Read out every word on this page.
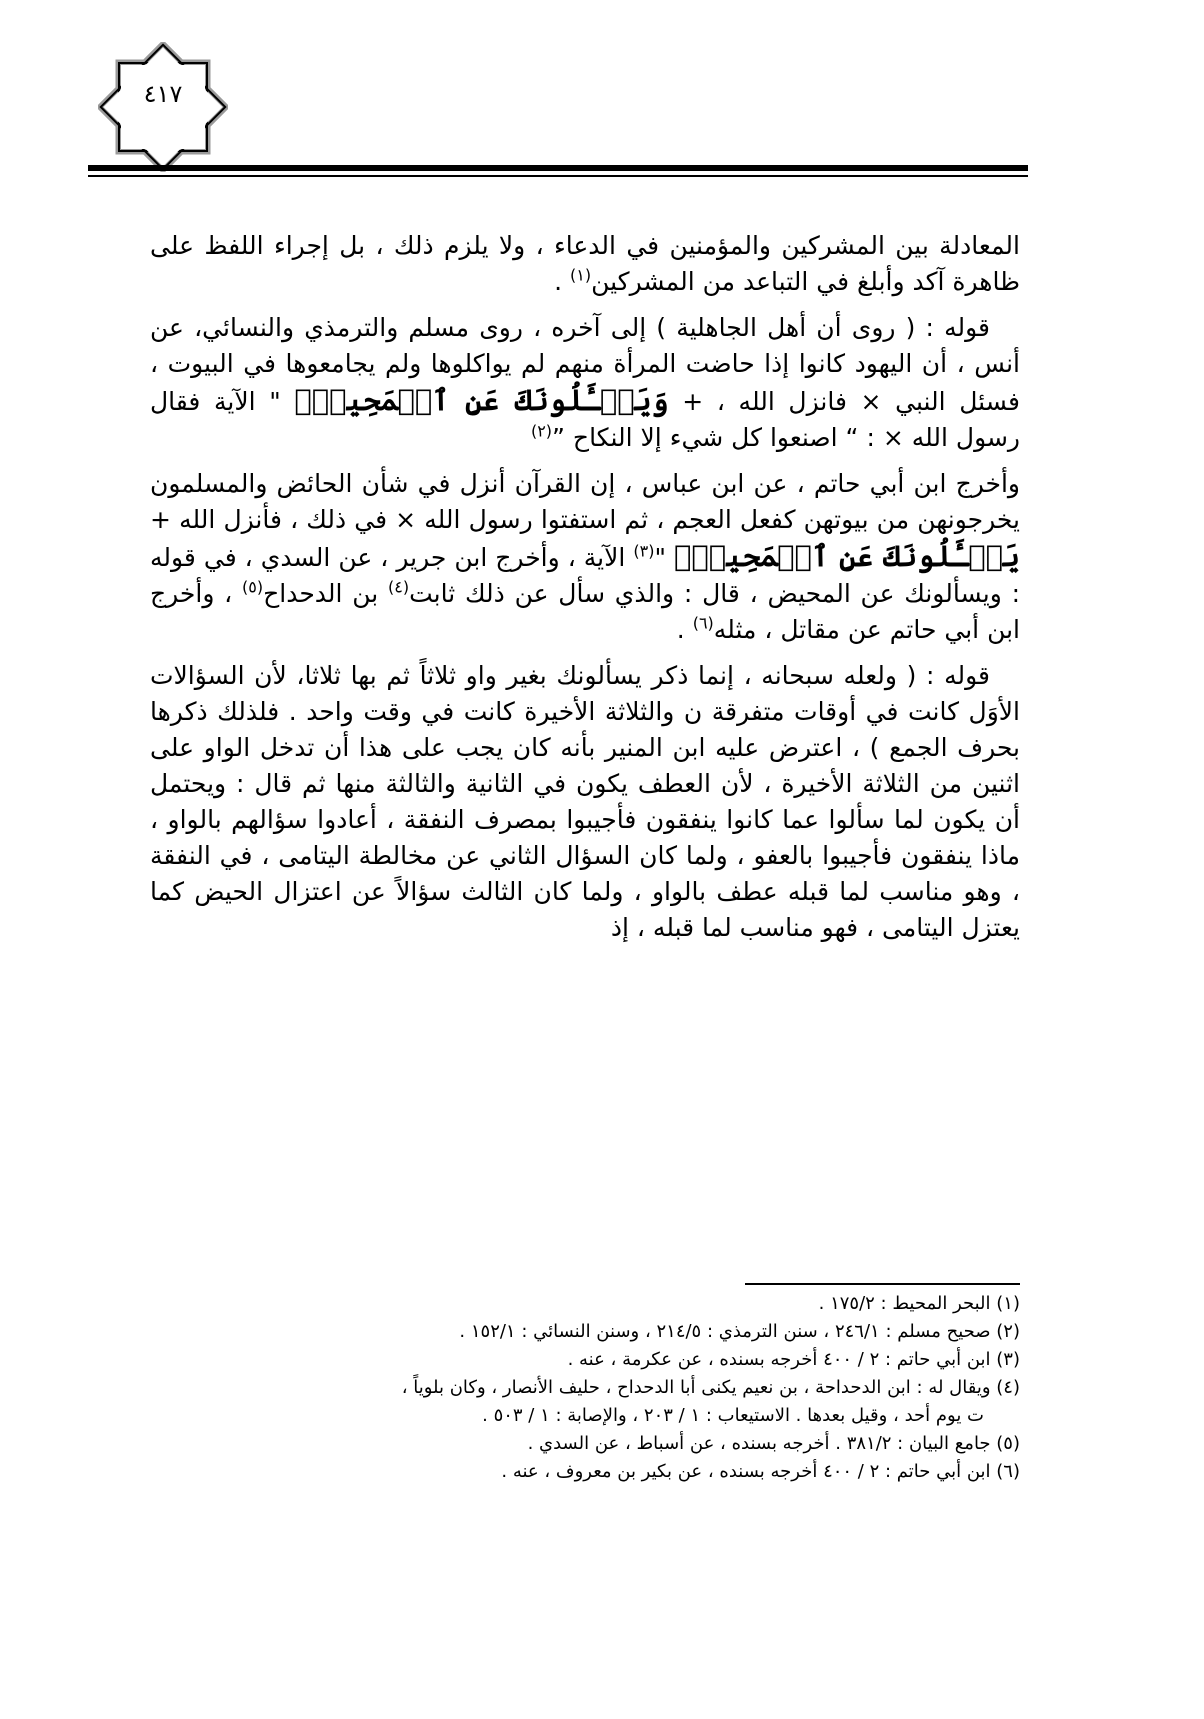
٤١٧

المعادلة بين المشركين والمؤمنين في الدعاء ، ولا يلزم ذلك ، بل إجراء اللفظ على ظاهرة آكد وأبلغ في التباعد من المشركين$^{(١)}$ .

قوله : ( روى أن أهل الجاهلية ) إلى آخره ، روى مسلم والترمذي والنسائي، عن أنس ، أن اليهود كانوا إذا حاضت المرأة منهم لم يواكلوها ولم يجامعوها في البيوت ، فسئل النبي × فانزل الله ، + وَيَسۡـَٔلُونَكَ عَنِ ٱلۡمَحِيضِۖ " الآية فقال رسول الله × : “ اصنعوا كل شيء إلا النكاح ”$^{(٢)}$

وأخرج ابن أبي حاتم ، عن ابن عباس ، إن القرآن أنزل في شأن الحائض والمسلمون يخرجونهن من بيوتهن كفعل العجم ، ثم استفتوا رسول الله × في ذلك ، فأنزل الله + يَسۡـَٔلُونَكَ عَنِ ٱلۡمَحِيضِۖ "$^{(٣)}$ الآية ، وأخرج ابن جرير ، عن السدي ، في قوله : ويسألونك عن المحيض ، قال : والذي سأل عن ذلك ثابت$^{(٤)}$ بن الدحداح$^{(٥)}$ ، وأخرج ابن أبي حاتم عن مقاتل ، مثله$^{(٦)}$ .

قوله : ( ولعله سبحانه ، إنما ذكر يسألونك بغير واو ثلاثاً ثم بها ثلاثا، لأن السؤالات الأوَل كانت في أوقات متفرقة ن والثلاثة الأخيرة كانت في وقت واحد . فلذلك ذكرها بحرف الجمع ) ، اعترض عليه ابن المنير بأنه كان يجب على هذا أن تدخل الواو على اثنين من الثلاثة الأخيرة ، لأن العطف يكون في الثانية والثالثة منها ثم قال : ويحتمل أن يكون لما سألوا عما كانوا ينفقون فأجيبوا بمصرف النفقة ، أعادوا سؤالهم بالواو ، ماذا ينفقون فأجيبوا بالعفو ، ولما كان السؤال الثاني عن مخالطة اليتامى ، في النفقة ، وهو مناسب لما قبله عطف بالواو ، ولما كان الثالث سؤالاً عن اعتزال الحيض كما يعتزل اليتامى ، فهو مناسب لما قبله ، إذ

(١) البحر المحيط : ١٧٥/٢ .
(٢) صحيح مسلم : ٢٤٦/١ ، سنن الترمذي : ٢١٤/٥ ، وسنن النسائي : ١٥٢/١ .
(٣) ابن أبي حاتم : ٢ / ٤٠٠ أخرجه بسنده ، عن عكرمة ، عنه .
(٤) ويقال له : ابن الدحداحة ، بن نعيم يكنى أبا الدحداح ، حليف الأنصار ، وكان بلوياً ،
ت يوم أحد ، وقيل بعدها . الاستيعاب : ١ / ٢٠٣ ، والإصابة : ١ / ٥٠٣ .
(٥) جامع البيان : ٣٨١/٢ . أخرجه بسنده ، عن أسباط ، عن السدي .
(٦) ابن أبي حاتم : ٢ / ٤٠٠ أخرجه بسنده ، عن بكير بن معروف ، عنه .
